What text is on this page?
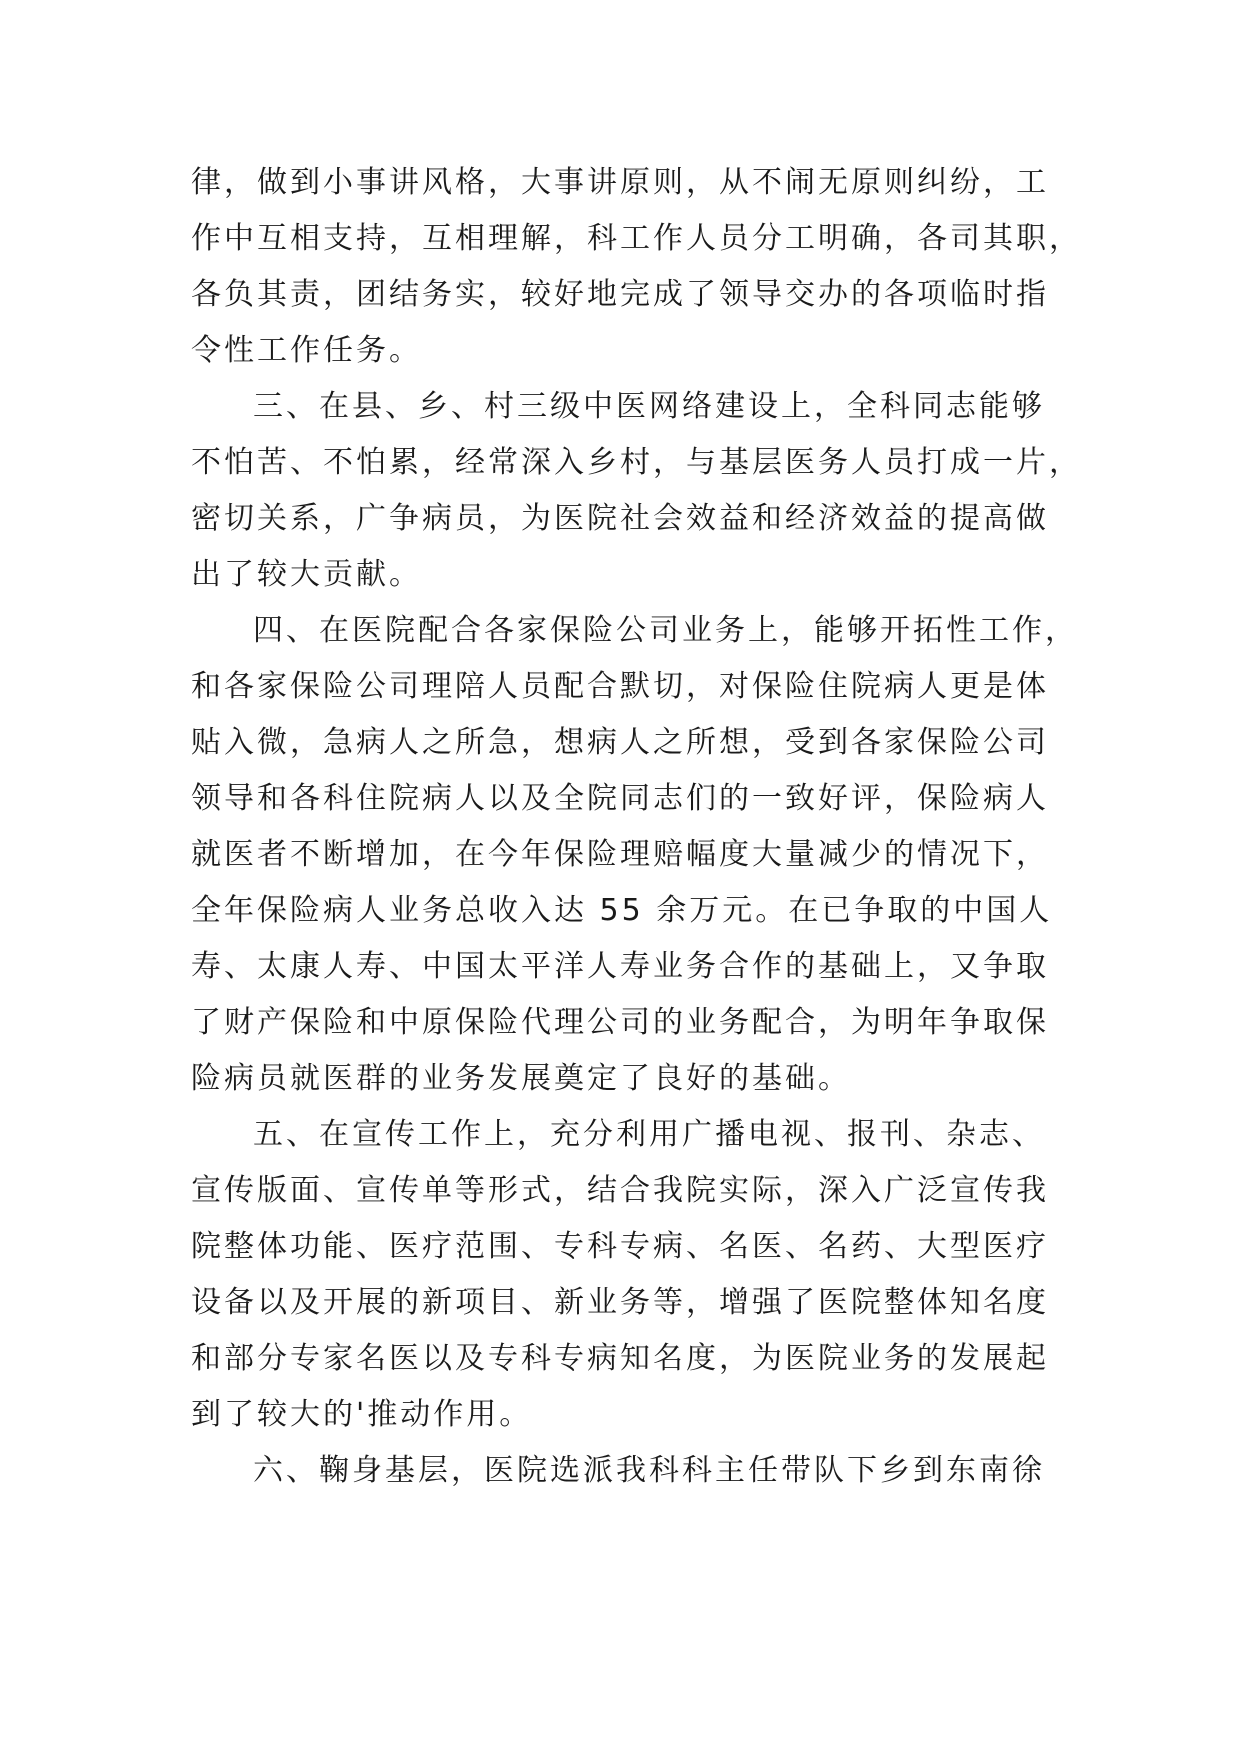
律，做到小事讲风格，大事讲原则，从不闹无原则纠纷，工
作中互相支持，互相理解，科工作人员分工明确，各司其职，
各负其责，团结务实，较好地完成了领导交办的各项临时指
令性工作任务。

三、在县、乡、村三级中医网络建设上，全科同志能够
不怕苦、不怕累，经常深入乡村，与基层医务人员打成一片，
密切关系，广争病员，为医院社会效益和经济效益的提高做
出了较大贡献。

四、在医院配合各家保险公司业务上，能够开拓性工作，
和各家保险公司理陪人员配合默切，对保险住院病人更是体
贴入微，急病人之所急，想病人之所想，受到各家保险公司
领导和各科住院病人以及全院同志们的一致好评，保险病人
就医者不断增加，在今年保险理赔幅度大量减少的情况下，
全年保险病人业务总收入达 55 余万元。在已争取的中国人
寿、太康人寿、中国太平洋人寿业务合作的基础上，又争取
了财产保险和中原保险代理公司的业务配合，为明年争取保
险病员就医群的业务发展奠定了良好的基础。

五、在宣传工作上，充分利用广播电视、报刊、杂志、
宣传版面、宣传单等形式，结合我院实际，深入广泛宣传我
院整体功能、医疗范围、专科专病、名医、名药、大型医疗
设备以及开展的新项目、新业务等，增强了医院整体知名度
和部分专家名医以及专科专病知名度，为医院业务的发展起
到了较大的'推动作用。

六、鞠身基层，医院选派我科科主任带队下乡到东南徐
